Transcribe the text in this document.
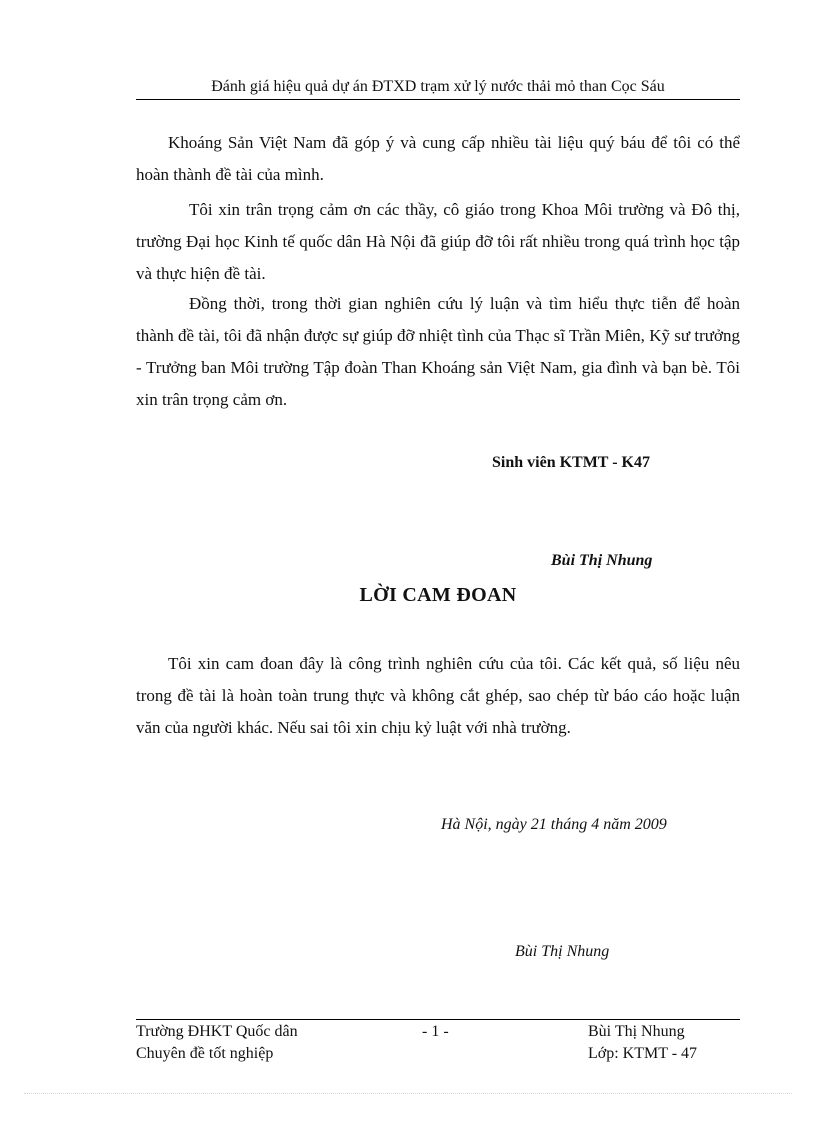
Đánh giá hiệu quả dự án ĐTXD trạm xử lý nước thải mỏ than Cọc Sáu

Khoáng Sản Việt Nam đã góp ý và cung cấp nhiều tài liệu quý báu để tôi có thể hoàn thành đề tài của mình.

Tôi xin trân trọng cảm ơn các thầy, cô giáo trong Khoa Môi trường và Đô thị, trường Đại học Kinh tế quốc dân Hà Nội đã giúp đỡ tôi rất nhiều trong quá trình học tập và thực hiện đề tài.

Đồng thời, trong thời gian nghiên cứu lý luận và tìm hiểu thực tiễn để hoàn thành đề tài, tôi đã nhận được sự giúp đỡ nhiệt tình của Thạc sĩ Trần Miên, Kỹ sư trưởng - Trưởng ban Môi trường Tập đoàn Than Khoáng sản Việt Nam, gia đình và bạn bè. Tôi xin trân trọng cảm ơn.

Sinh viên KTMT - K47

Bùi Thị Nhung

LỜI CAM ĐOAN

Tôi xin cam đoan đây là công trình nghiên cứu của tôi. Các kết quả, số liệu nêu trong đề tài là hoàn toàn trung thực và không cắt ghép, sao chép từ báo cáo hoặc luận văn của người khác. Nếu sai tôi xin chịu kỷ luật với nhà trường.

Hà Nội, ngày 21 tháng 4 năm 2009

Bùi Thị Nhung

Trường ĐHKT Quốc dân	- 1 -	Bùi Thị Nhung
Chuyên đề tốt nghiệp	Lớp: KTMT - 47
